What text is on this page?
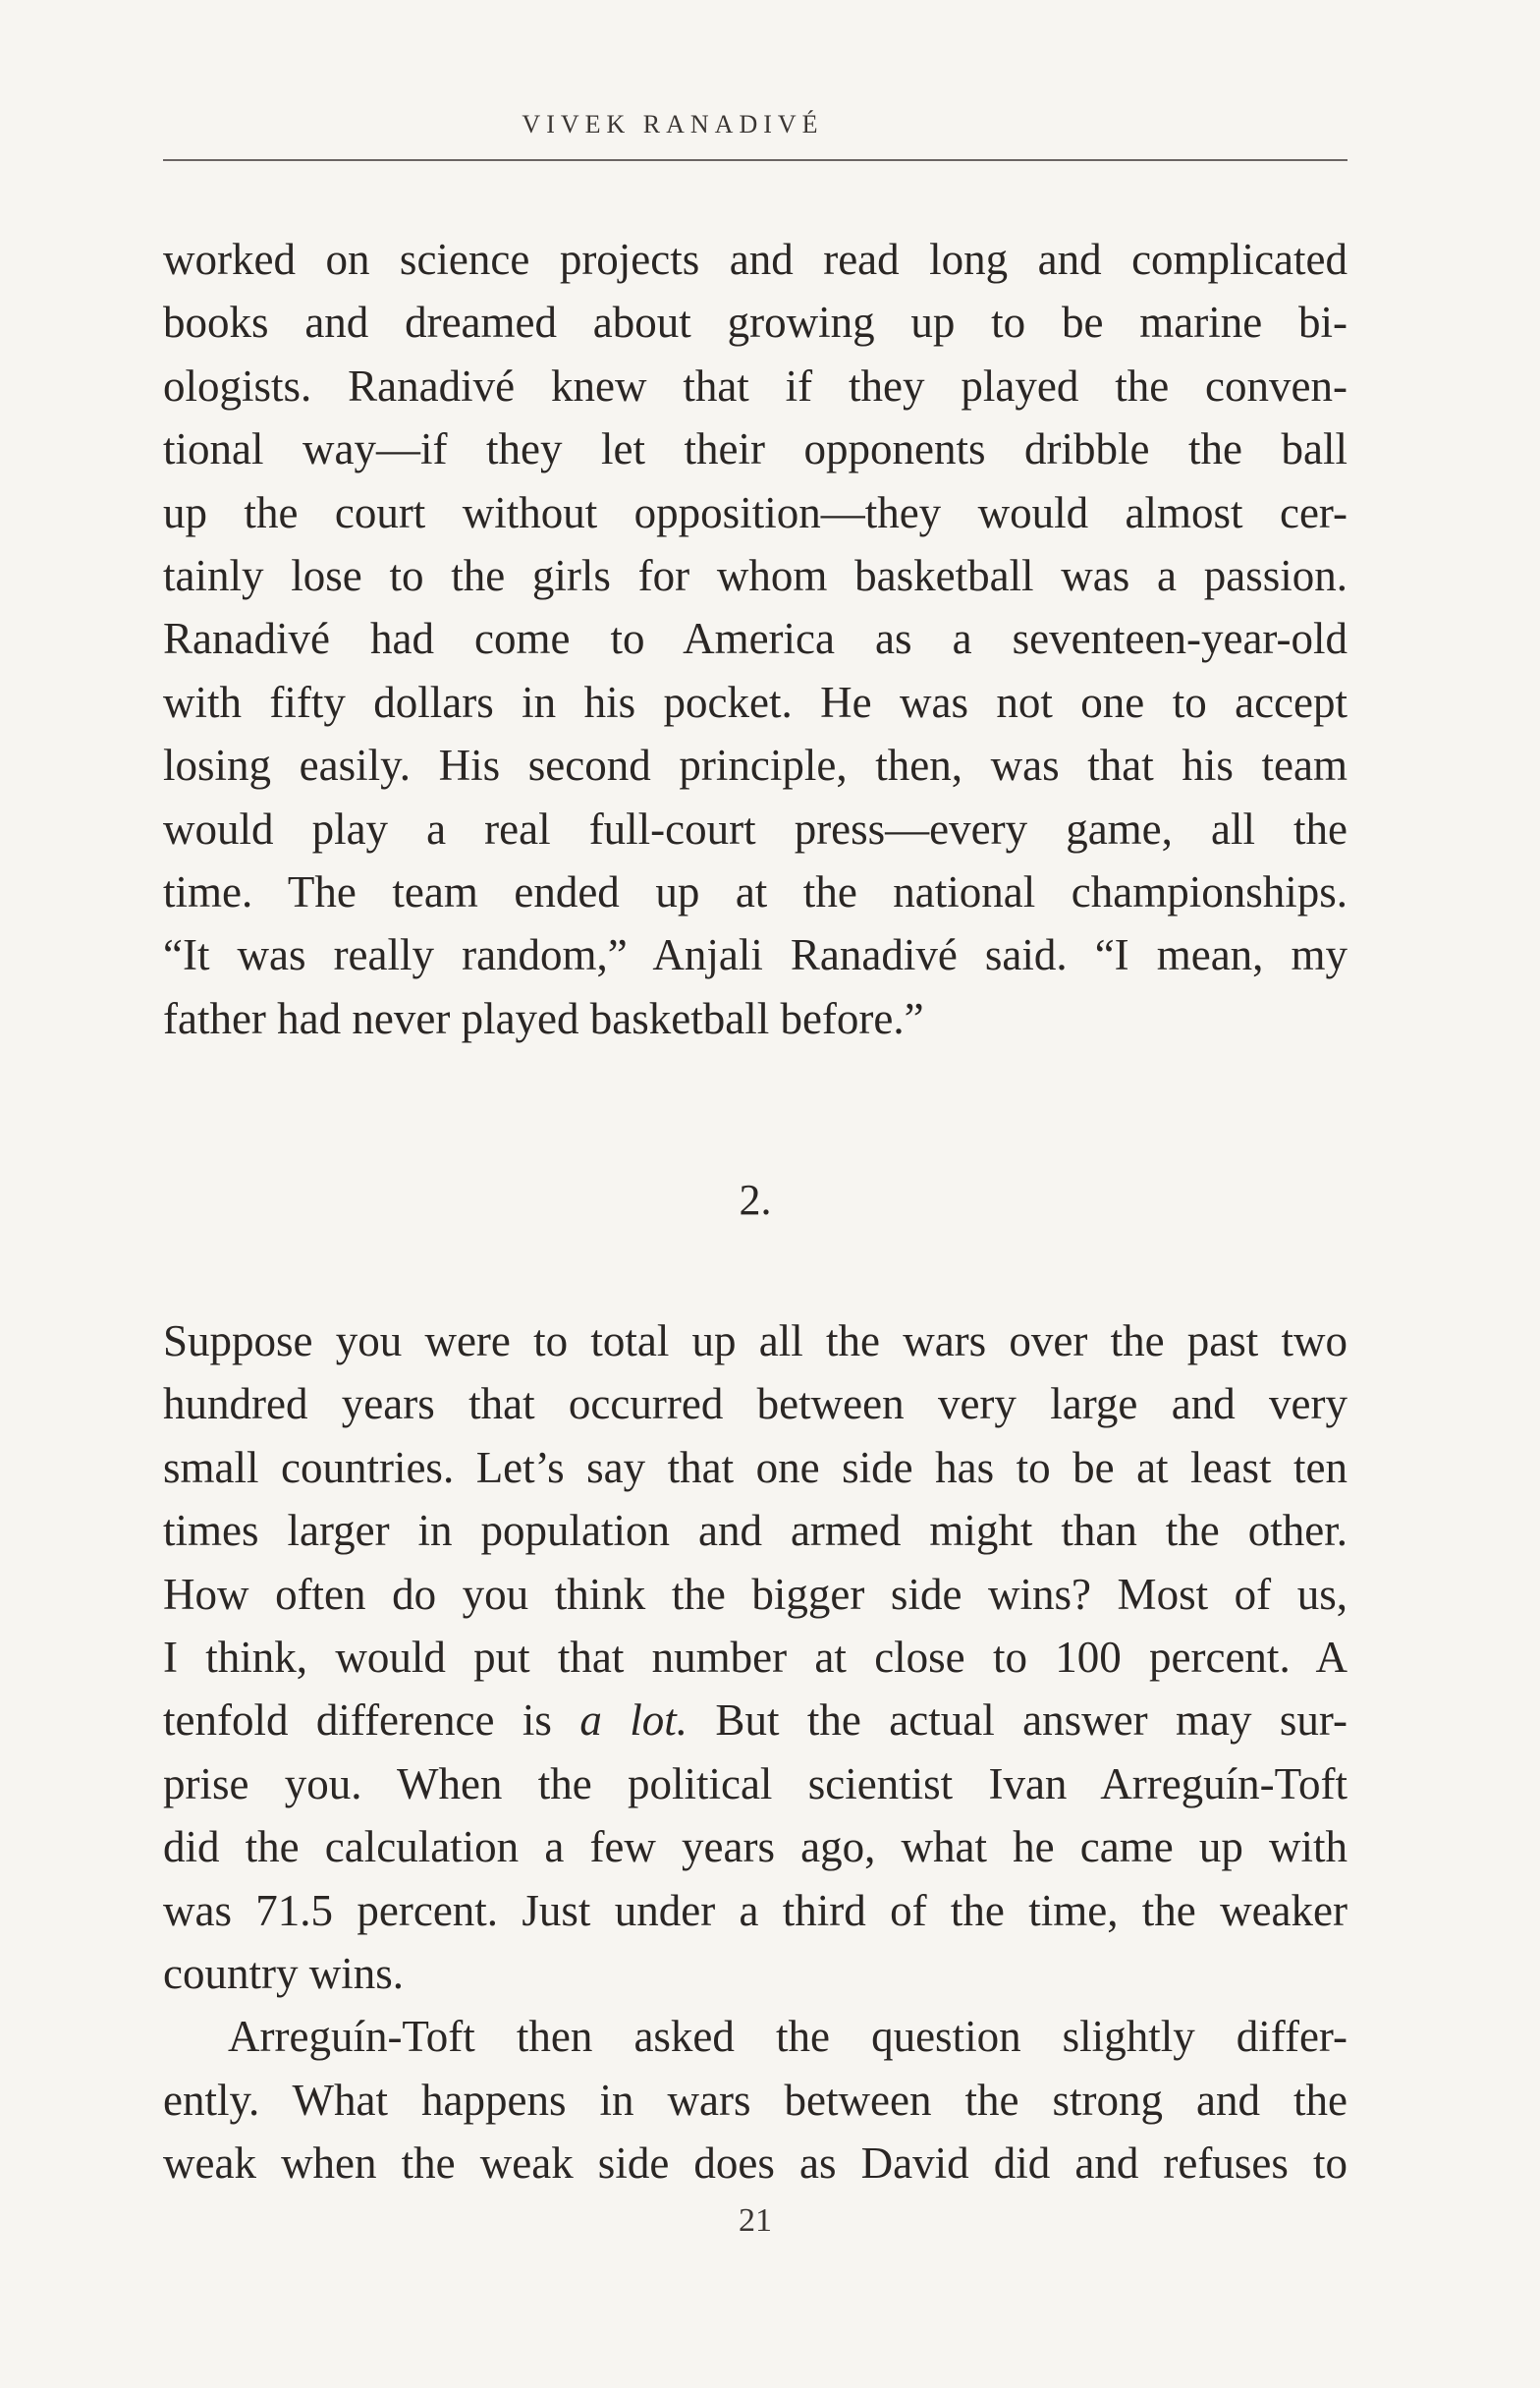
VIVEK RANADIVÉ
worked on science projects and read long and complicated
books and dreamed about growing up to be marine bi-
ologists. Ranadivé knew that if they played the conven-
tional way—if they let their opponents dribble the ball
up the court without opposition—they would almost cer-
tainly lose to the girls for whom basketball was a passion.
Ranadivé had come to America as a seventeen-year-old
with fifty dollars in his pocket. He was not one to accept
losing easily. His second principle, then, was that his team
would play a real full-court press—every game, all the
time. The team ended up at the national championships.
“It was really random,” Anjali Ranadivé said. “I mean, my
father had never played basketball before.”
2.
Suppose you were to total up all the wars over the past two
hundred years that occurred between very large and very
small countries. Let’s say that one side has to be at least ten
times larger in population and armed might than the other.
How often do you think the bigger side wins? Most of us,
I think, would put that number at close to 100 percent. A
tenfold difference is a lot. But the actual answer may sur-
prise you. When the political scientist Ivan Arreguín-Toft
did the calculation a few years ago, what he came up with
was 71.5 percent. Just under a third of the time, the weaker
country wins.
Arreguín-Toft then asked the question slightly differ-
ently. What happens in wars between the strong and the
weak when the weak side does as David did and refuses to
21
